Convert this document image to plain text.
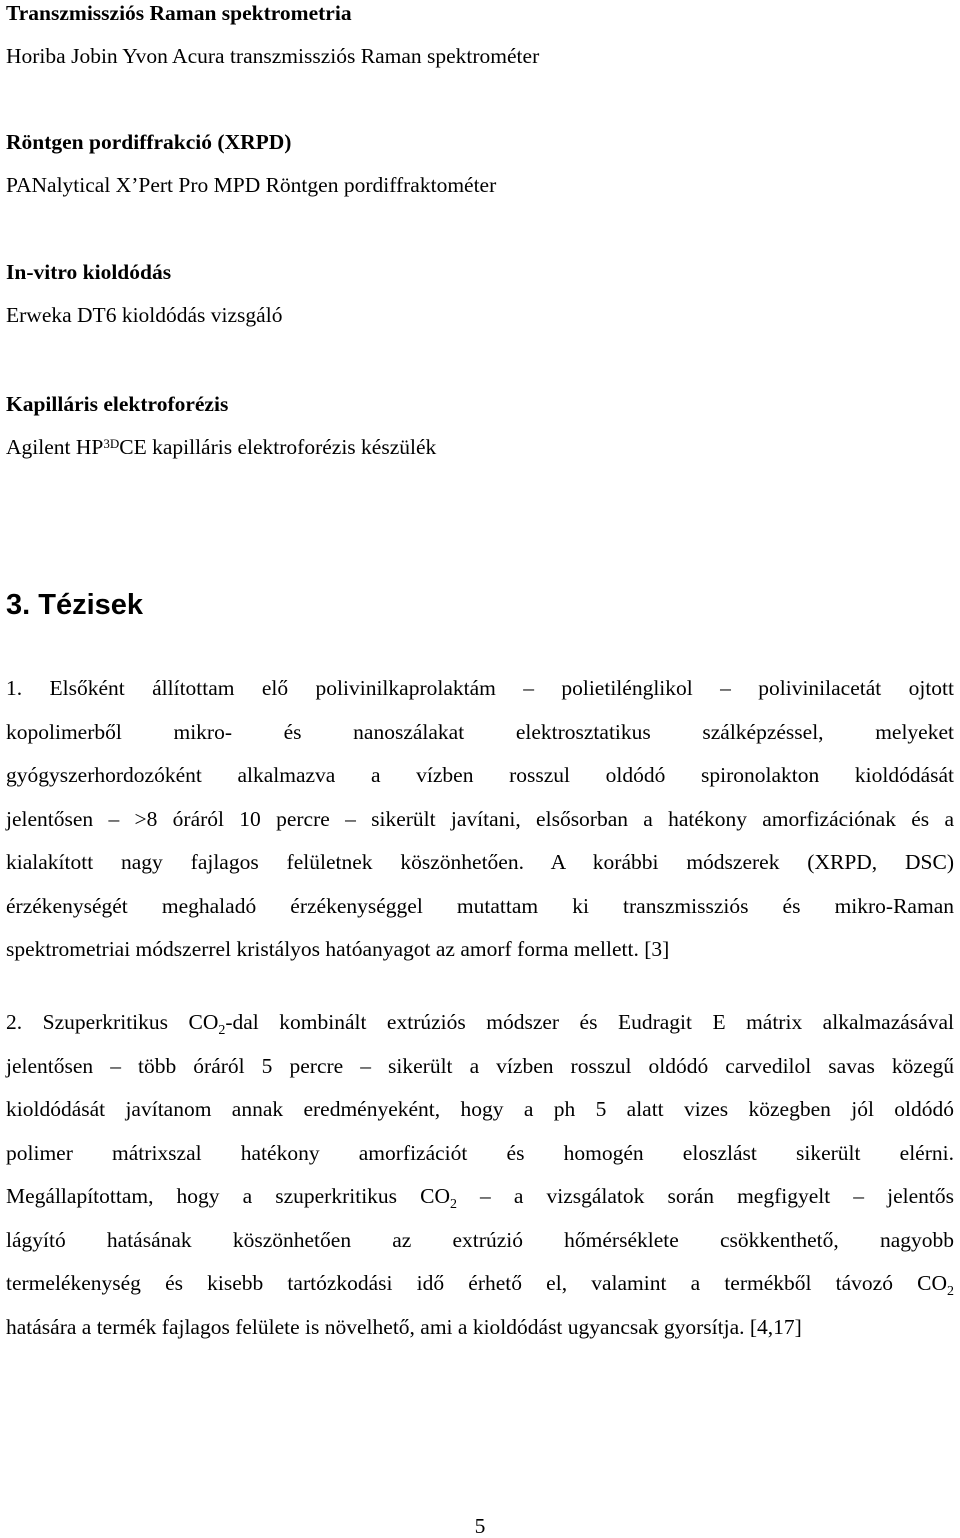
Transzmissziós Raman spektrometria
Horiba Jobin Yvon Acura transzmissziós Raman spektrométer
Röntgen pordiffrakció (XRPD)
PANalytical X’Pert Pro MPD Röntgen pordiffraktométer
In-vitro kioldódás
Erweka DT6 kioldódás vizsgáló
Kapilláris elektroforézis
Agilent $HP^{3D}CE$ kapilláris elektroforézis készülék
3. Tézisek
1. Elsőként állítottam elő polivinilkaprolaktám – polietilénglikol – polivinilacetát ojtott
kopolimerből mikro- és nanoszálakat elektrosztatikus szálképzéssel, melyeket
gyógyszerhordozóként alkalmazva a vízben rosszul oldódó spironolakton kioldódását
jelentősen – >8 óráról 10 percre – sikerült javítani, elsősorban a hatékony amorfizációnak és a
kialakított nagy fajlagos felületnek köszönhetően. A korábbi módszerek (XRPD, DSC)
érzékenységét meghaladó érzékenységgel mutattam ki transzmissziós és mikro-Raman
spektrometriai módszerrel kristályos hatóanyagot az amorf forma mellett. [3]
2. Szuperkritikus $CO_2$-dal kombinált extrúziós módszer és Eudragit E mátrix alkalmazásával
jelentősen – több óráról 5 percre – sikerült a vízben rosszul oldódó carvedilol savas közegű
kioldódását javítanom annak eredményeként, hogy a ph 5 alatt vizes közegben jól oldódó
polimer mátrixszal hatékony amorfizációt és homogén eloszlást sikerült elérni.
Megállapítottam, hogy a szuperkritikus $CO_2$ – a vizsgálatok során megfigyelt – jelentős
lágyító hatásának köszönhetően az extrúzió hőmérséklete csökkenthető, nagyobb
termelékenység és kisebb tartózkodási idő érhető el, valamint a termékből távozó $CO_2$
hatására a termék fajlagos felülete is növelhető, ami a kioldódást ugyancsak gyorsítja. [4,17]
5
